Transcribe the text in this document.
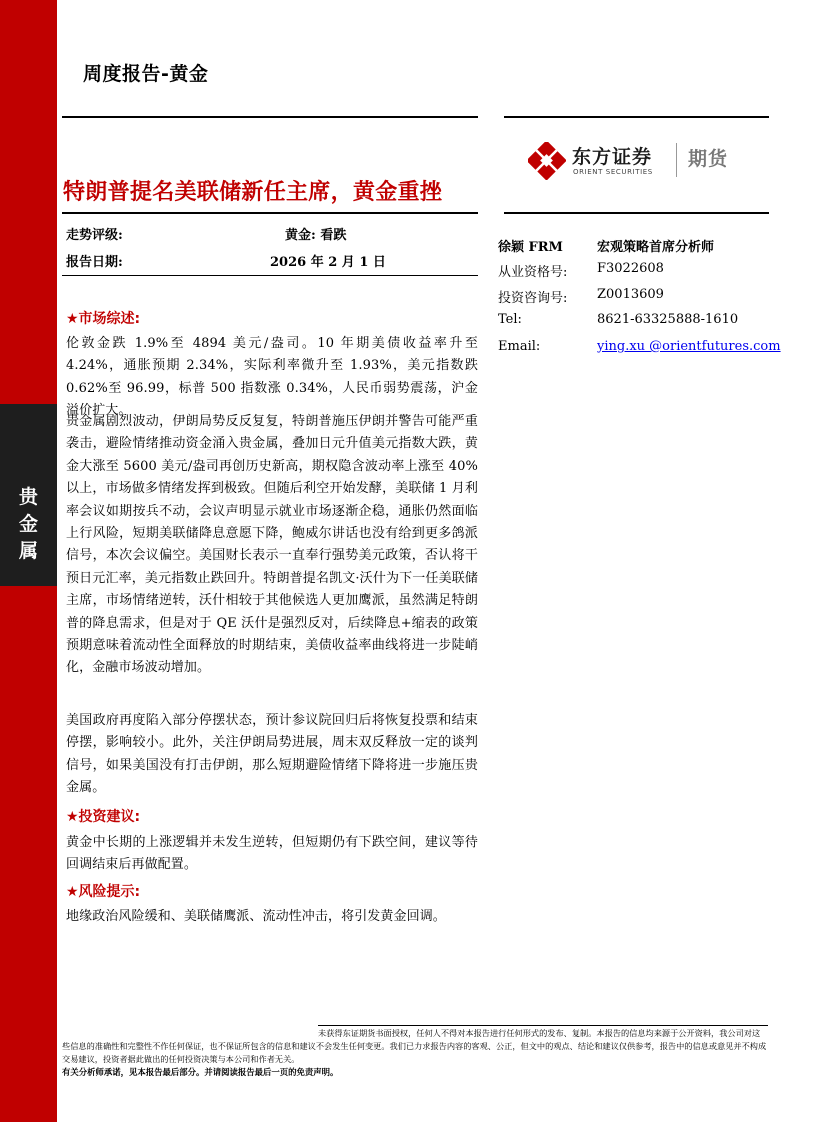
贵
金
属
周度报告-黄金
东方证券
ORIENT SECURITIES
期货
特朗普提名美联储新任主席，黄金重挫
走势评级:	黄金: 看跌
报告日期:	2026 年 2 月 1 日
徐颖 FRM	宏观策略首席分析师
从业资格号: F3022608
投资咨询号: Z0013609
Tel:	8621-63325888-1610
Email:	ying.xu @orientfutures.com
★市场综述:
伦敦金跌 1.9%至 4894 美元/盎司。10 年期美债收益率升至 4.24%，通胀预期 2.34%，实际利率微升至 1.93%，美元指数跌 0.62%至 96.99，标普 500 指数涨 0.34%，人民币弱势震荡，沪金溢价扩大。
贵金属剧烈波动，伊朗局势反反复复，特朗普施压伊朗并警告可能严重袭击，避险情绪推动资金涌入贵金属，叠加日元升值美元指数大跌，黄金大涨至 5600 美元/盎司再创历史新高，期权隐含波动率上涨至 40%以上，市场做多情绪发挥到极致。但随后利空开始发酵，美联储 1 月利率会议如期按兵不动，会议声明显示就业市场逐渐企稳，通胀仍然面临上行风险，短期美联储降息意愿下降，鲍威尔讲话也没有给到更多鸽派信号，本次会议偏空。美国财长表示一直奉行强势美元政策，否认将干预日元汇率，美元指数止跌回升。特朗普提名凯文·沃什为下一任美联储主席，市场情绪逆转，沃什相较于其他候选人更加鹰派，虽然满足特朗普的降息需求，但是对于 QE 沃什是强烈反对，后续降息+缩表的政策预期意味着流动性全面释放的时期结束，美债收益率曲线将进一步陡峭化，金融市场波动增加。
美国政府再度陷入部分停摆状态，预计参议院回归后将恢复投票和结束停摆，影响较小。此外，关注伊朗局势进展，周末双反释放一定的谈判信号，如果美国没有打击伊朗，那么短期避险情绪下降将进一步施压贵金属。
★投资建议:
黄金中长期的上涨逻辑并未发生逆转，但短期仍有下跌空间，建议等待回调结束后再做配置。
★风险提示:
地缘政治风险缓和、美联储鹰派、流动性冲击，将引发黄金回调。
未获得东证期货书面授权，任何人不得对本报告进行任何形式的发布、复制。本报告的信息均来源于公开资料，我公司对这些信息的准确性和完整性不作任何保证，也不保证所包含的信息和建议不会发生任何变更。我们已力求报告内容的客观、公正，但文中的观点、结论和建议仅供参考，报告中的信息或意见并不构成交易建议，投资者据此做出的任何投资决策与本公司和作者无关。
有关分析师承诺，见本报告最后部分。并请阅读报告最后一页的免责声明。
